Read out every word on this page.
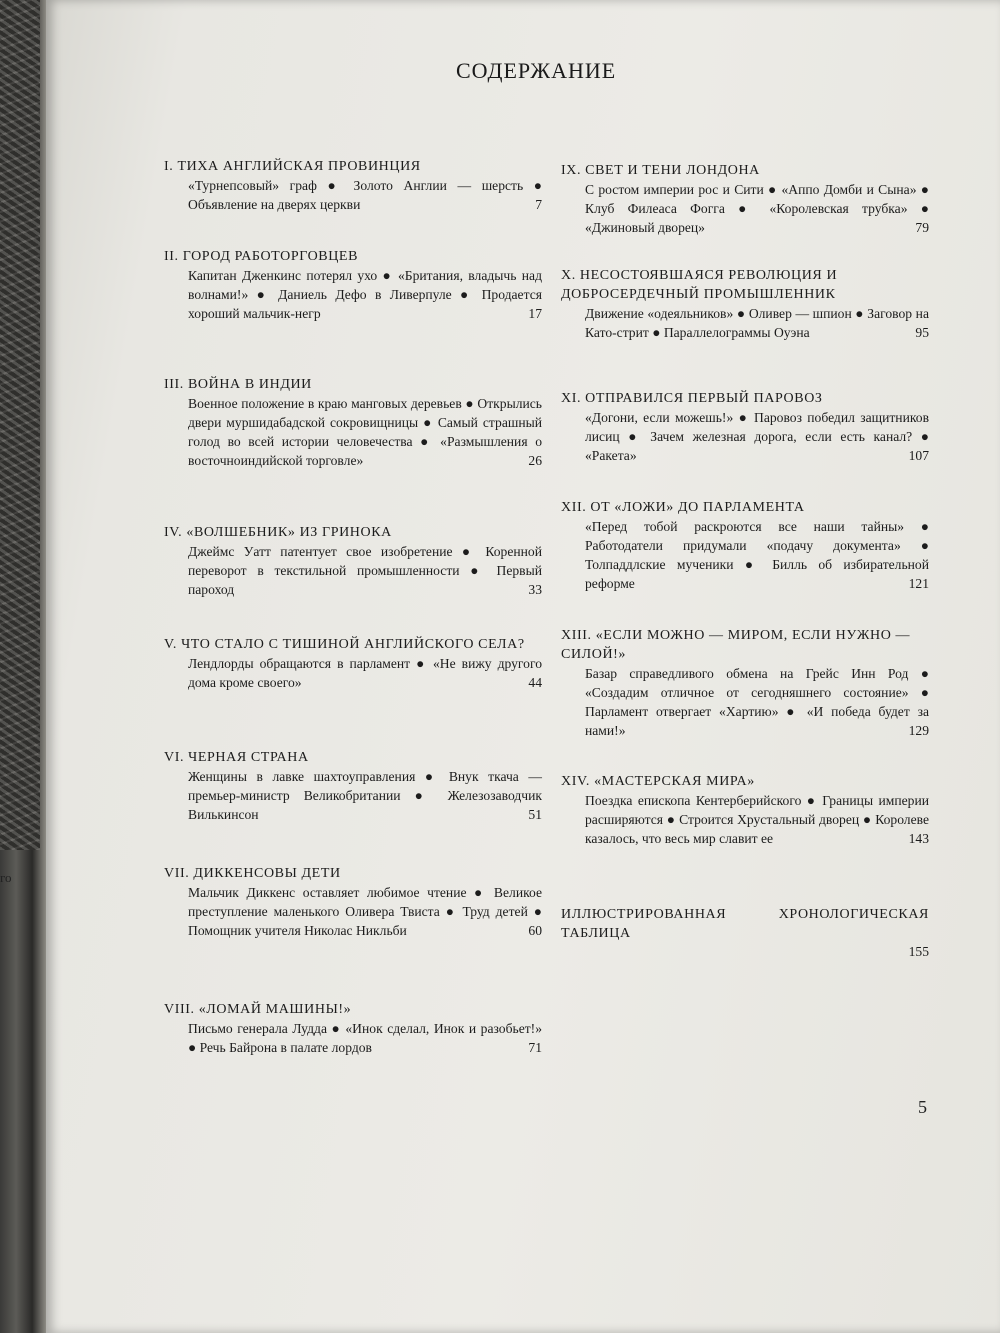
го
СОДЕРЖАНИЕ
I. ТИХА АНГЛИЙСКАЯ ПРОВИНЦИЯ
«Турнепсовый» граф ● Золото Англии — шерсть ● Объявление на дверях церкви	7
II. ГОРОД РАБОТОРГОВЦЕВ
Капитан Дженкинс потерял ухо ● «Британия, владычь над волнами!» ● Даниель Дефо в Ливерпуле ● Продается хороший мальчик-негр	17
III. ВОЙНА В ИНДИИ
Военное положение в краю манговых деревьев ● Открылись двери муршидабадской сокровищницы ● Самый страшный голод во всей истории человечества ● «Размышления о восточноиндийской торговле»	26
IV. «ВОЛШЕБНИК» ИЗ ГРИНОКА
Джеймс Уатт патентует свое изобретение ● Коренной переворот в текстильной промышленности ● Первый пароход	33
V. ЧТО СТАЛО С ТИШИНОЙ АНГЛИЙСКОГО СЕЛА?
Лендлорды обращаются в парламент ● «Не вижу другого дома кроме своего»	44
VI. ЧЕРНАЯ СТРАНА
Женщины в лавке шахтоуправления ● Внук ткача — премьер-министр Великобритании ● Железозаводчик Вилькинсон	51
VII. ДИККЕНСОВЫ ДЕТИ
Мальчик Диккенс оставляет любимое чтение ● Великое преступление маленького Оливера Твиста ● Труд детей ● Помощник учителя Николас Никльби	60
VIII. «ЛОМАЙ МАШИНЫ!»
Письмо генерала Лудда ● «Инок сделал, Инок и разобьет!» ● Речь Байрона в палате лордов	71
IX. СВЕТ И ТЕНИ ЛОНДОНА
С ростом империи рос и Сити ● «Аппо Домби и Сына» ● Клуб Филеаса Фогга ● «Королевская трубка» ● «Джиновый дворец»	79
X. НЕСОСТОЯВШАЯСЯ РЕВОЛЮЦИЯ И ДОБРОСЕРДЕЧНЫЙ ПРОМЫШЛЕННИК
Движение «одеяльников» ● Оливер — шпион ● Заговор на Като-стрит ● Параллелограммы Оуэна	95
XI. ОТПРАВИЛСЯ ПЕРВЫЙ ПАРОВОЗ
«Догони, если можешь!» ● Паровоз победил защитников лисиц ● Зачем железная дорога, если есть канал? ● «Ракета»	107
XII. ОТ «ЛОЖИ» ДО ПАРЛАМЕНТА
«Перед тобой раскроются все наши тайны» ● Работодатели придумали «подачу документа» ● Толпаддлские мученики ● Билль об избирательной реформе	121
XIII. «ЕСЛИ МОЖНО — МИРОМ, ЕСЛИ НУЖНО — СИЛОЙ!»
Базар справедливого обмена на Грейс Инн Род ● «Создадим отличное от сегодняшнего состояние» ● Парламент отвергает «Хартию» ● «И победа будет за нами!»	129
XIV. «МАСТЕРСКАЯ МИРА»
Поездка епископа Кентерберийского ● Границы империи расширяются ● Строится Хрустальный дворец ● Королеве казалось, что весь мир славит ее	143
ИЛЛЮСТРИРОВАННАЯ ХРОНОЛОГИЧЕСКАЯ ТАБЛИЦА
155
5
